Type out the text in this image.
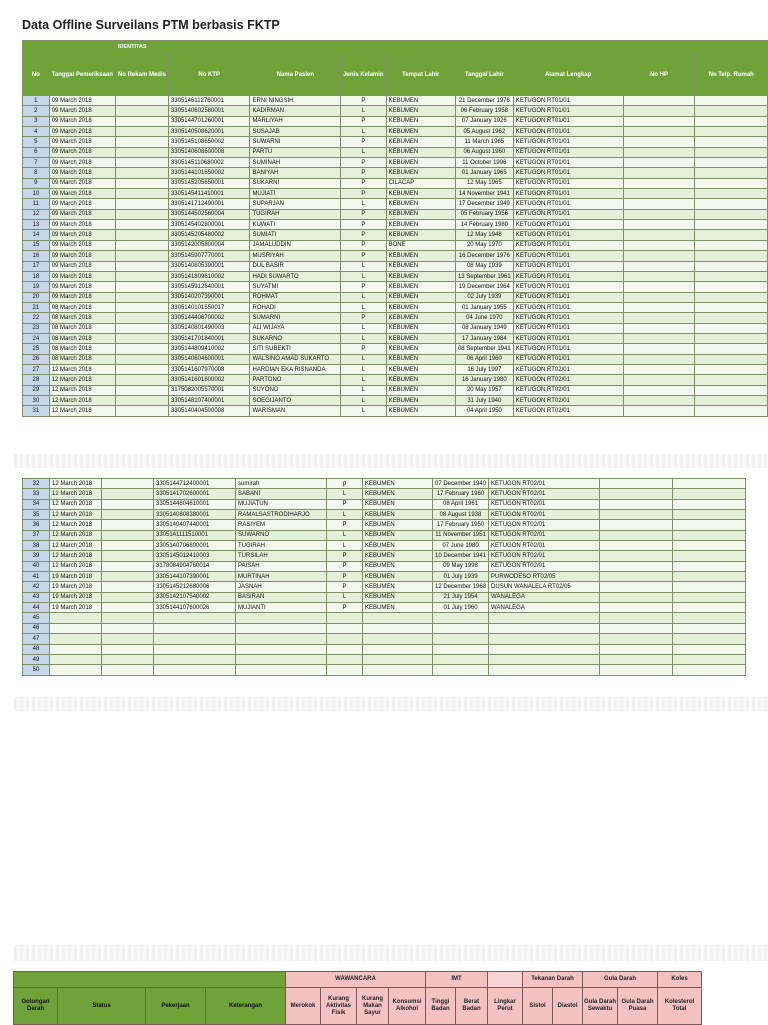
Data Offline Surveilans PTM berbasis FKTP
		IDENTITAS								
No	Tanggal Pemeriksaan	No Rekam Medis	No KTP	Nama Pasien	Jenis Kelamin	Tempat Lahir	Tanggal Lahir	Alamat Lengkap	No HP	No Telp. Rumah
1	09 March 2018		3305146112760001	ERNI NINGSIH	P	KEBUMEN	21 December 1976	KETUGON RT01/01		
2	09 March 2018		3305140602580001	KADIRMAN	L	KEBUMEN	06 February 1958	KETUGON RT01/01		
3	09 March 2018		3305144701260001	MARLIYAH	P	KEBUMEN	07 January 1926	KETUGON RT01/01		
4	09 March 2018		3305140508620001	SUSAJAB	L	KEBUMEN	05 August 1962	KETUGON RT01/01		
5	09 March 2018		3305145108650002	SUWARNI	P	KEBUMEN	11 March 1965	KETUGON RT01/01		
6	09 March 2018		3305140608600008	PARTU	L	KEBUMEN	06 August 1960	KETUGON RT01/01		
7	09 March 2018		3305145110680002	SUMINAH	P	KEBUMEN	11 October 1996	KETUGON RT01/01		
8	09 March 2018		3305144101650002	BANIYAH	P	KEBUMEN	01 January 1965	KETUGON RT01/01		
9	09 March 2018		3305145205650001	SUKARNI	P	CILACAP	12 May 1965	KETUGON RT01/01		
10	09 March 2018		3305145411410001	MUJIATI	P	KEBUMEN	14 November 1941	KETUGON RT01/01		
11	09 March 2018		3305141712490001	SUPARJAN	L	KEBUMEN	17 December 1949	KETUGON RT01/01		
12	09 March 2018		3305144502560004	TUGIRAH	P	KEBUMEN	05 February 1956	KETUGON RT01/01		
13	09 March 2018		3305145402800001	KUWATI	P	KEBUMEN	14 February 1980	KETUGON RT01/01		
14	09 March 2018		3305145205480002	SUMIATI	P	KEBUMEN	12 May 1948	KETUGON RT01/01		
15	09 March 2018		3305142005800004	JAMALUDDIN	P	BONE	20 May 1970	KETUGON RT01/01		
16	09 March 2018		3305145907770001	MUSRIYAH	P	KEBUMEN	16 December 1976	KETUGON RT01/01		
17	09 March 2018		3305140805390001	DUL BASIR	L	KEBUMEN	08 May 1939	KETUGON RT01/01		
18	09 March 2018		3305141809610002	HADI SUWARTO	L	KEBUMEN	13 September 1961	KETUGON RT01/01		
19	09 March 2018		3305145912640001	SUYATMI	P	KEBUMEN	19 December 1964	KETUGON RT01/01		
20	09 March 2018		3305140207390001	ROHMAT	L	KEBUMEN	02 July 1939	KETUGON RT01/01		
21	08 March 2018		3305140101550017	ROHADI	L	KEBUMEN	01 January 1955	KETUGON RT01/01		
22	08 March 2018		3305144406700002	SUMARNI	P	KEBUMEN	04 June 1970	KETUGON RT01/01		
23	08 March 2018		3305140801490003	ALI WIJAYA	L	KEBUMEN	08 January 1949	KETUGON RT01/01		
24	08 March 2018		3305141701840001	SUKARNO	L	KEBUMEN	17 January 1984	KETUGON RT01/01		
25	08 March 2018		3305144809410002	SITI SUBEKTI	P	KEBUMEN	08 September 1941	KETUGON RT01/01		
26	08 March 2018		3305140604600001	WALSINO AMAD SUKARTO	L	KEBUMEN	06 April 1960	KETUGON RT01/01		
27	12 March 2018		3305141607970008	HARDIAN EKA RISNANDA	L	KEBUMEN	16 July 1997	KETUGON RT02/01		
28	12 March 2018		3305141601800002	PARTONO	L	KEBUMEN	16 January 1980	KETUGON RT02/01		
29	12 March 2018		3175082005570001	SUYONO	L	KEBUMEN	20 May 1957	KETUGON RT02/01		
30	12 March 2018		3305148107400001	SOEGIJANTO	L	KEBUMEN	31 July 1940	KETUGON RT02/01		
31	12 March 2018		3305140404500008	WARISMAN	L	KEBUMEN	04 April 1950	KETUGON RT02/01		
32	12 March 2018		3305144712400001	sumirah	p	KEBUMEN	07 December 1940	KETUGON RT02/01		
33	12 March 2018		3305141702600001	SABANI	L	KEBUMEN	17 February 1960	KETUGON RT02/01		
34	12 March 2018		3305144804610001	MUJIATUN	P	KEBUMEN	08 April 1961	KETUGON RT02/01		
35	12 March 2018		3305140808380001	RAMALSASTRODIHARJO	L	KEBUMEN	08 August 1938	KETUGON RT02/01		
36	12 March 2018		3305140407440001	RASIYEM	P	KEBUMEN	17 February 1950	KETUGON RT02/01		
37	12 March 2018		3305141111510001	SUWARNO	L	KEBUMEN	11 November 1951	KETUGON RT02/01		
38	12 March 2018		3305140706800001	TUGIRAH	L	KEBUMEN	07 June 1980	KETUGON RT02/01		
39	12 March 2018		3305145012410003	TURSILAH	P	KEBUMEN	10 December 1941	KETUGON RT02/01		
40	12 March 2018		3178084904760014	PAISAH	P	KEBUMEN	09 May 1998	KETUGON RT02/01		
41	19 March 2018		3305144107390001	MURTINAH	P	KEBUMEN	01 July 1939	PURWODESO RT02/05		
42	19 March 2018		3305145212680006	JASNAH	P	KEBUMEN	12 December 1968	DUSUN WANALELA RT02/05		
43	19 March 2018		3305142107540002	BASIRAN	L	KEBUMEN	21 July 1954	WANALEGA		
44	19 March 2018		3305144107600026	MUJIANTI	P	KEBUMEN	01 July 1960	WANALEGA		
45										
46										
47										
48										
49										
50										
				WAWANCARA				IMT			Tekanan Darah		Gula Darah		Koles
Golongan Darah	Status	Pekerjaan	Keterangan	Merokok	Kurang Aktivitas Fisik	Kurang Makan Sayur	Konsumsi Alkohol	Tinggi Badan	Berat Badan	Lingkar Perut	Sistol	Diastol	Gula Darah Sewaktu	Gula Darah Puasa	Kolesterol Total
